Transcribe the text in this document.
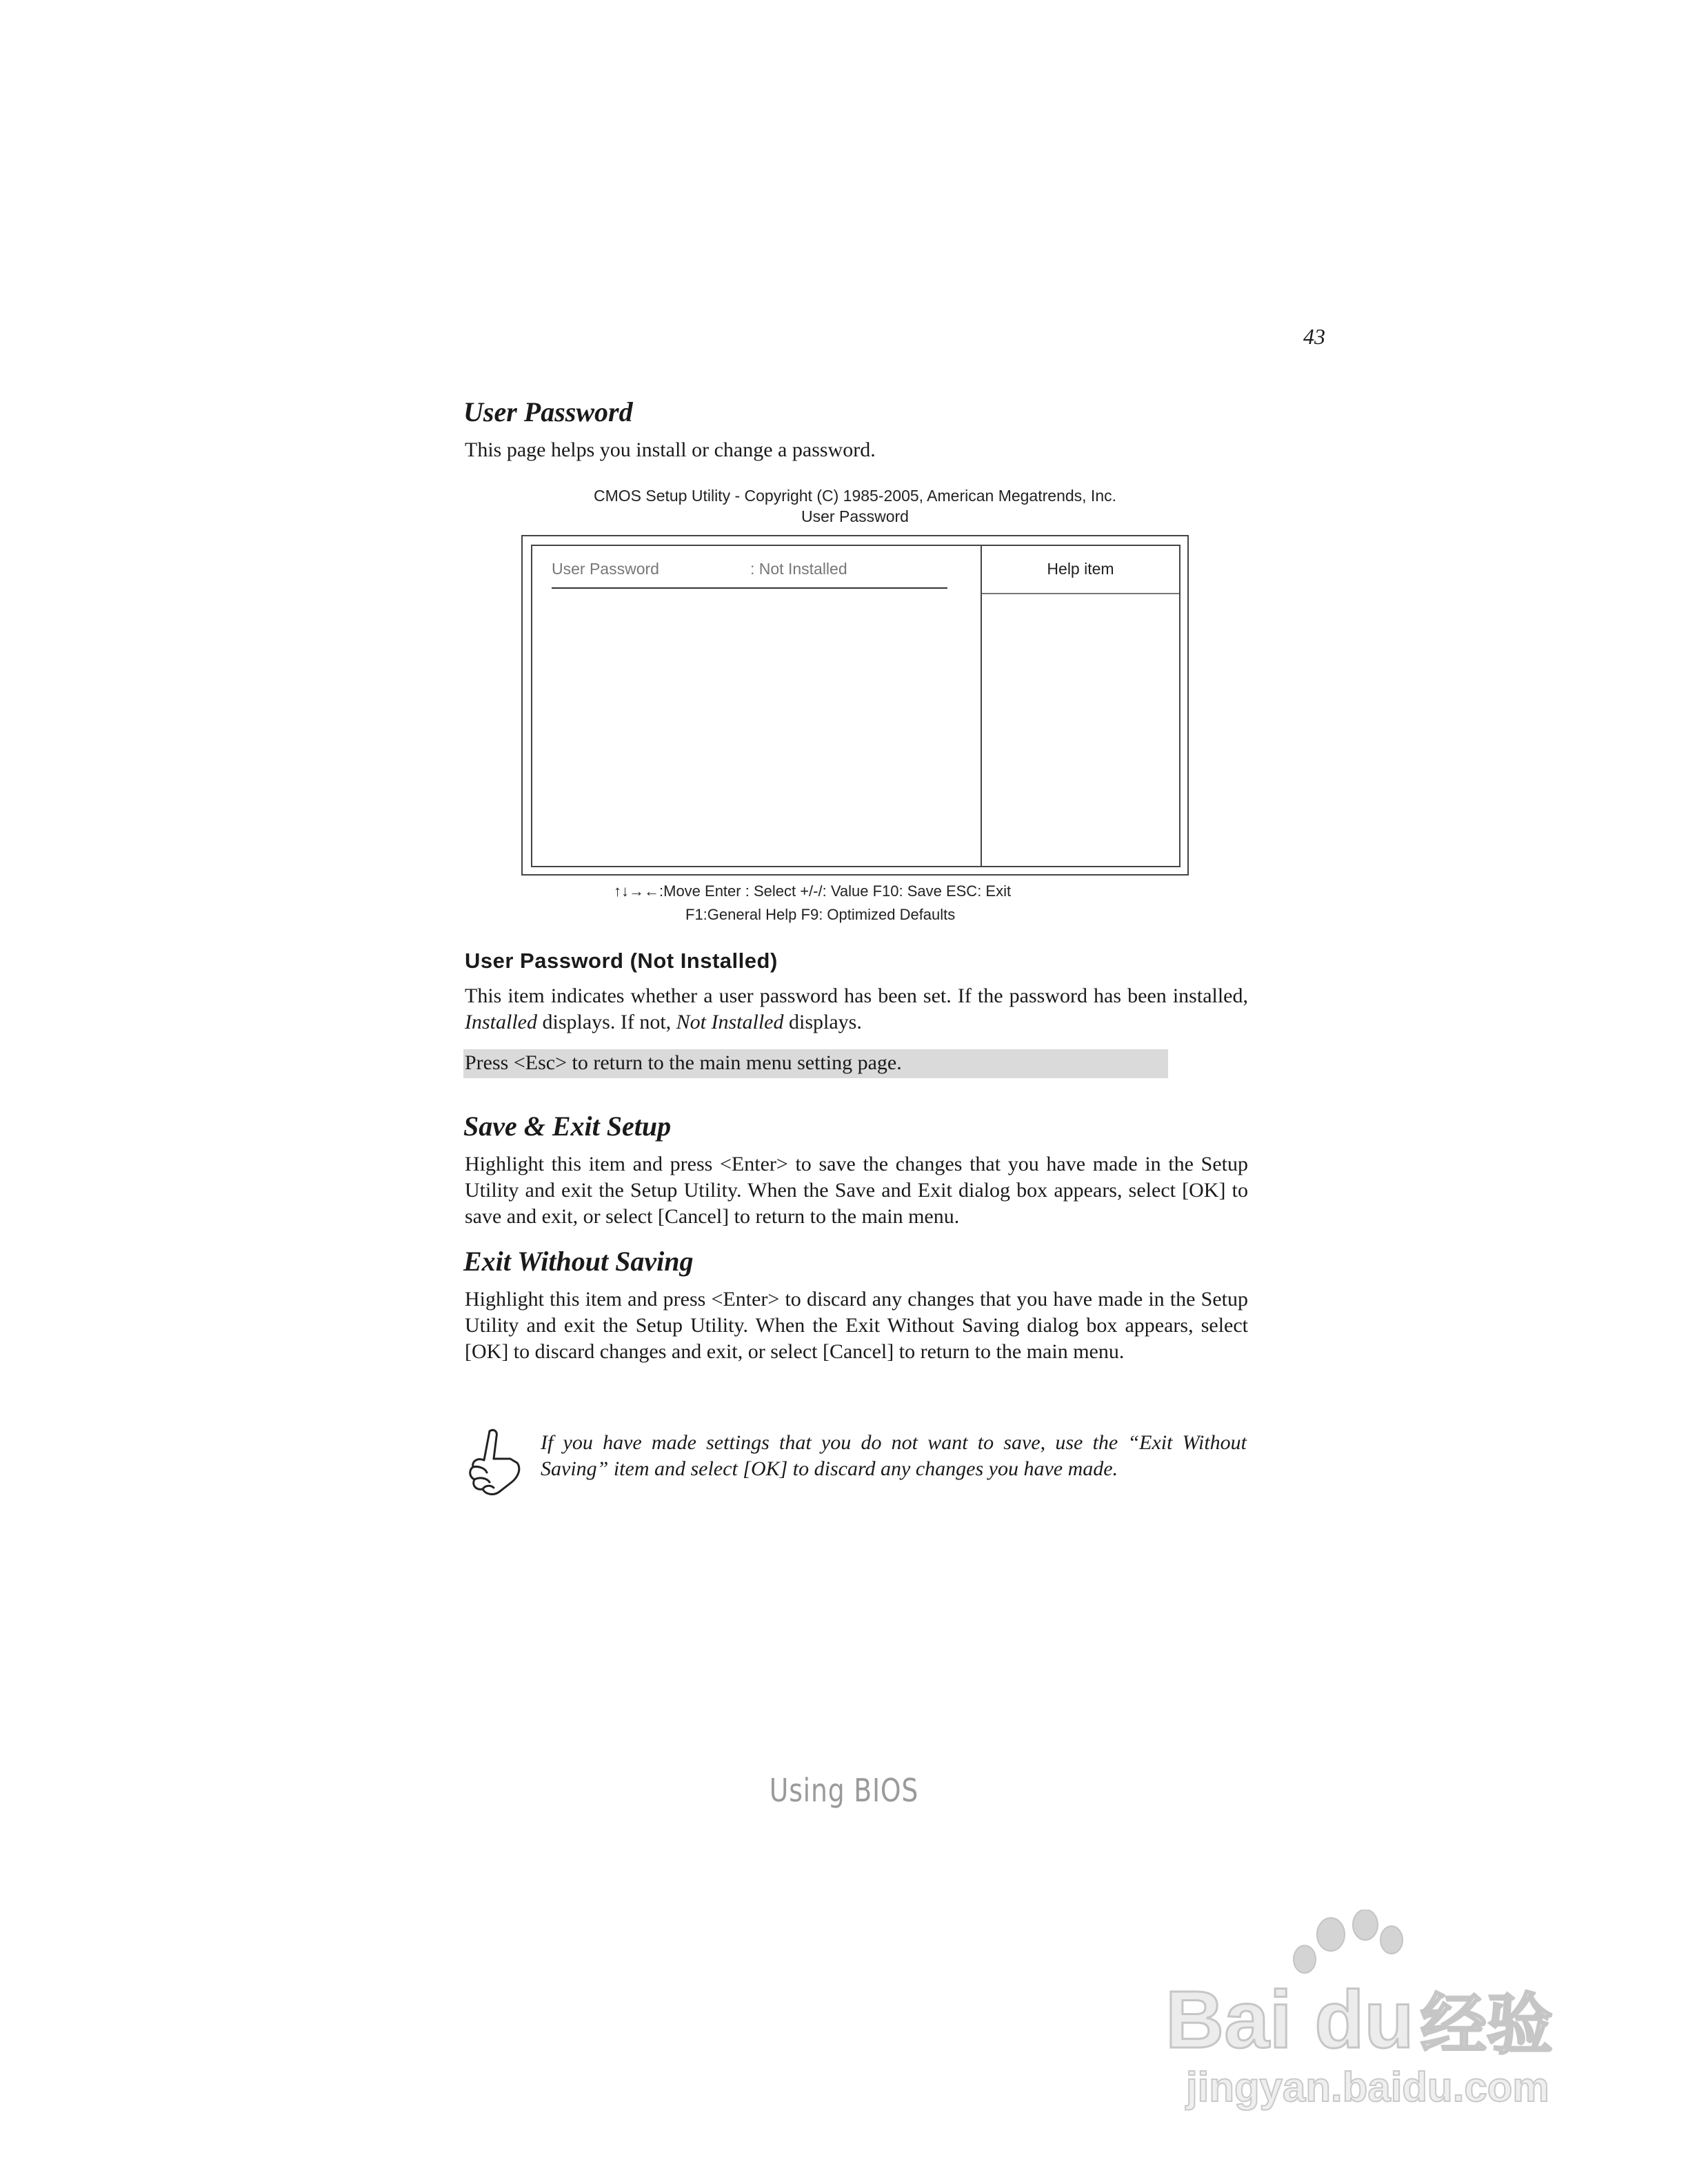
43
User Password
This page helps you install or change a password.
CMOS Setup Utility - Copyright (C) 1985-2005, American Megatrends, Inc.
User Password
User Password	: Not Installed	Help item
↑↓→←:Move Enter : Select +/-/: Value F10: Save ESC: Exit
F1:General Help F9: Optimized Defaults
User Password (Not Installed)
This item indicates whether a user password has been set. If the password has been installed, Installed displays. If not, Not Installed displays.
Press <Esc> to return to the main menu setting page.
Save & Exit Setup
Highlight this item and press <Enter> to save the changes that you have made in the Setup Utility and exit the Setup Utility. When the Save and Exit dialog box appears, select [OK] to save and exit, or select [Cancel] to return to the main menu.
Exit Without Saving
Highlight this item and press <Enter> to discard any changes that you have made in the Setup Utility and exit the Setup Utility. When the Exit Without Saving dialog box appears, select [OK] to discard changes and exit, or select [Cancel] to return to the main menu.
If you have made settings that you do not want to save, use the “Exit Without Saving” item and select [OK] to discard any changes you have made.
Using BIOS
Bai du 经验
jingyan.baidu.com
